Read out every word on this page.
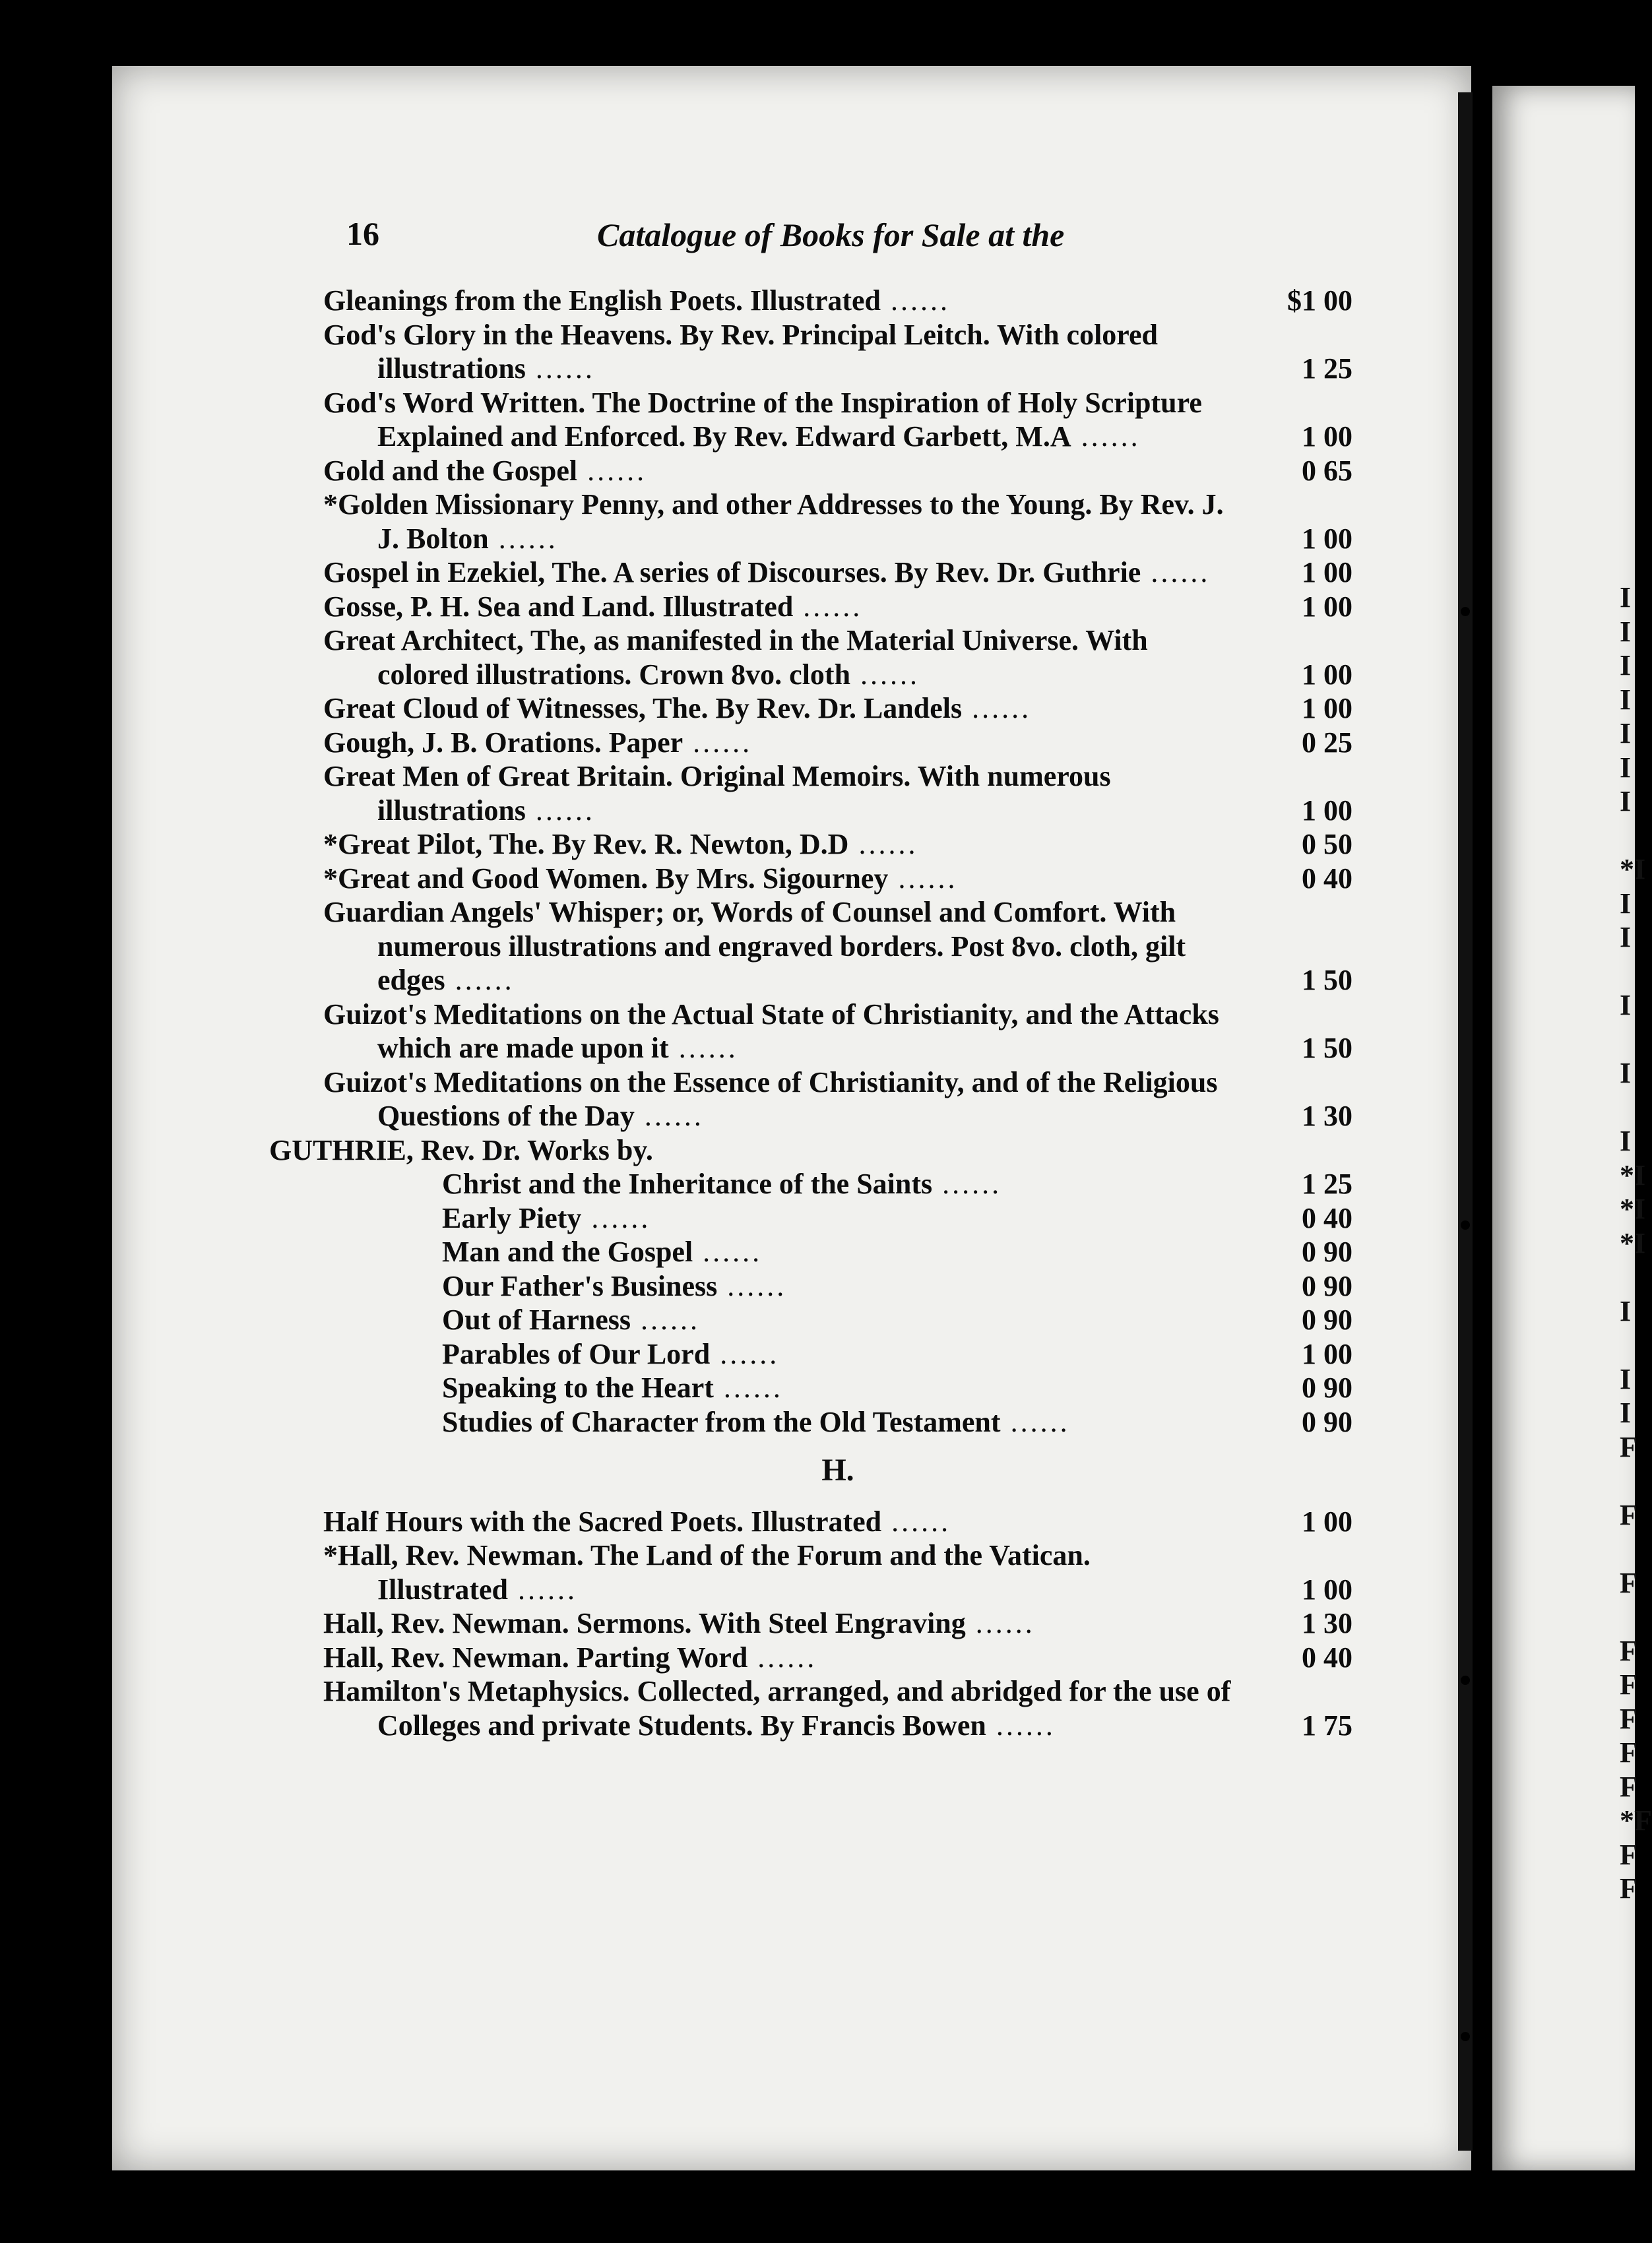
16	Catalogue of Books for Sale at the
Gleanings from the English Poets. Illustrated ......	$1 00
God's Glory in the Heavens. By Rev. Principal Leitch. With colored illustrations ......	1 25
God's Word Written. The Doctrine of the Inspiration of Holy Scripture Explained and Enforced. By Rev. Edward Garbett, M.A ......	1 00
Gold and the Gospel ......	0 65
*Golden Missionary Penny, and other Addresses to the Young. By Rev. J. J. Bolton ......	1 00
Gospel in Ezekiel, The. A series of Discourses. By Rev. Dr. Guthrie ......	1 00
Gosse, P. H. Sea and Land. Illustrated ......	1 00
Great Architect, The, as manifested in the Material Universe. With colored illustrations. Crown 8vo. cloth ......	1 00
Great Cloud of Witnesses, The. By Rev. Dr. Landels ......	1 00
Gough, J. B. Orations. Paper ......	0 25
Great Men of Great Britain. Original Memoirs. With numerous illustrations ......	1 00
*Great Pilot, The. By Rev. R. Newton, D.D ......	0 50
*Great and Good Women. By Mrs. Sigourney ......	0 40
Guardian Angels' Whisper; or, Words of Counsel and Comfort. With numerous illustrations and engraved borders. Post 8vo. cloth, gilt edges ......	1 50
Guizot's Meditations on the Actual State of Christianity, and the Attacks which are made upon it ......	1 50
Guizot's Meditations on the Essence of Christianity, and of the Religious Questions of the Day ......	1 30
GUTHRIE, Rev. Dr. Works by.
Christ and the Inheritance of the Saints ......	1 25
Early Piety ......	0 40
Man and the Gospel ......	0 90
Our Father's Business ......	0 90
Out of Harness ......	0 90
Parables of Our Lord ......	1 00
Speaking to the Heart ......	0 90
Studies of Character from the Old Testament ......	0 90
H.
Half Hours with the Sacred Poets. Illustrated ......	1 00
*Hall, Rev. Newman. The Land of the Forum and the Vatican. Illustrated ......	1 00
Hall, Rev. Newman. Sermons. With Steel Engraving ......	1 30
Hall, Rev. Newman. Parting Word ......	0 40
Hamilton's Metaphysics. Collected, arranged, and abridged for the use of Colleges and private Students. By Francis Bowen ......	1 75
I
I
I
I
I
I
I

*I
I
I

I

I

I
*I
*I
*I

I

I
I
F

F

F

F
F
F
F
F
*F
F
F
